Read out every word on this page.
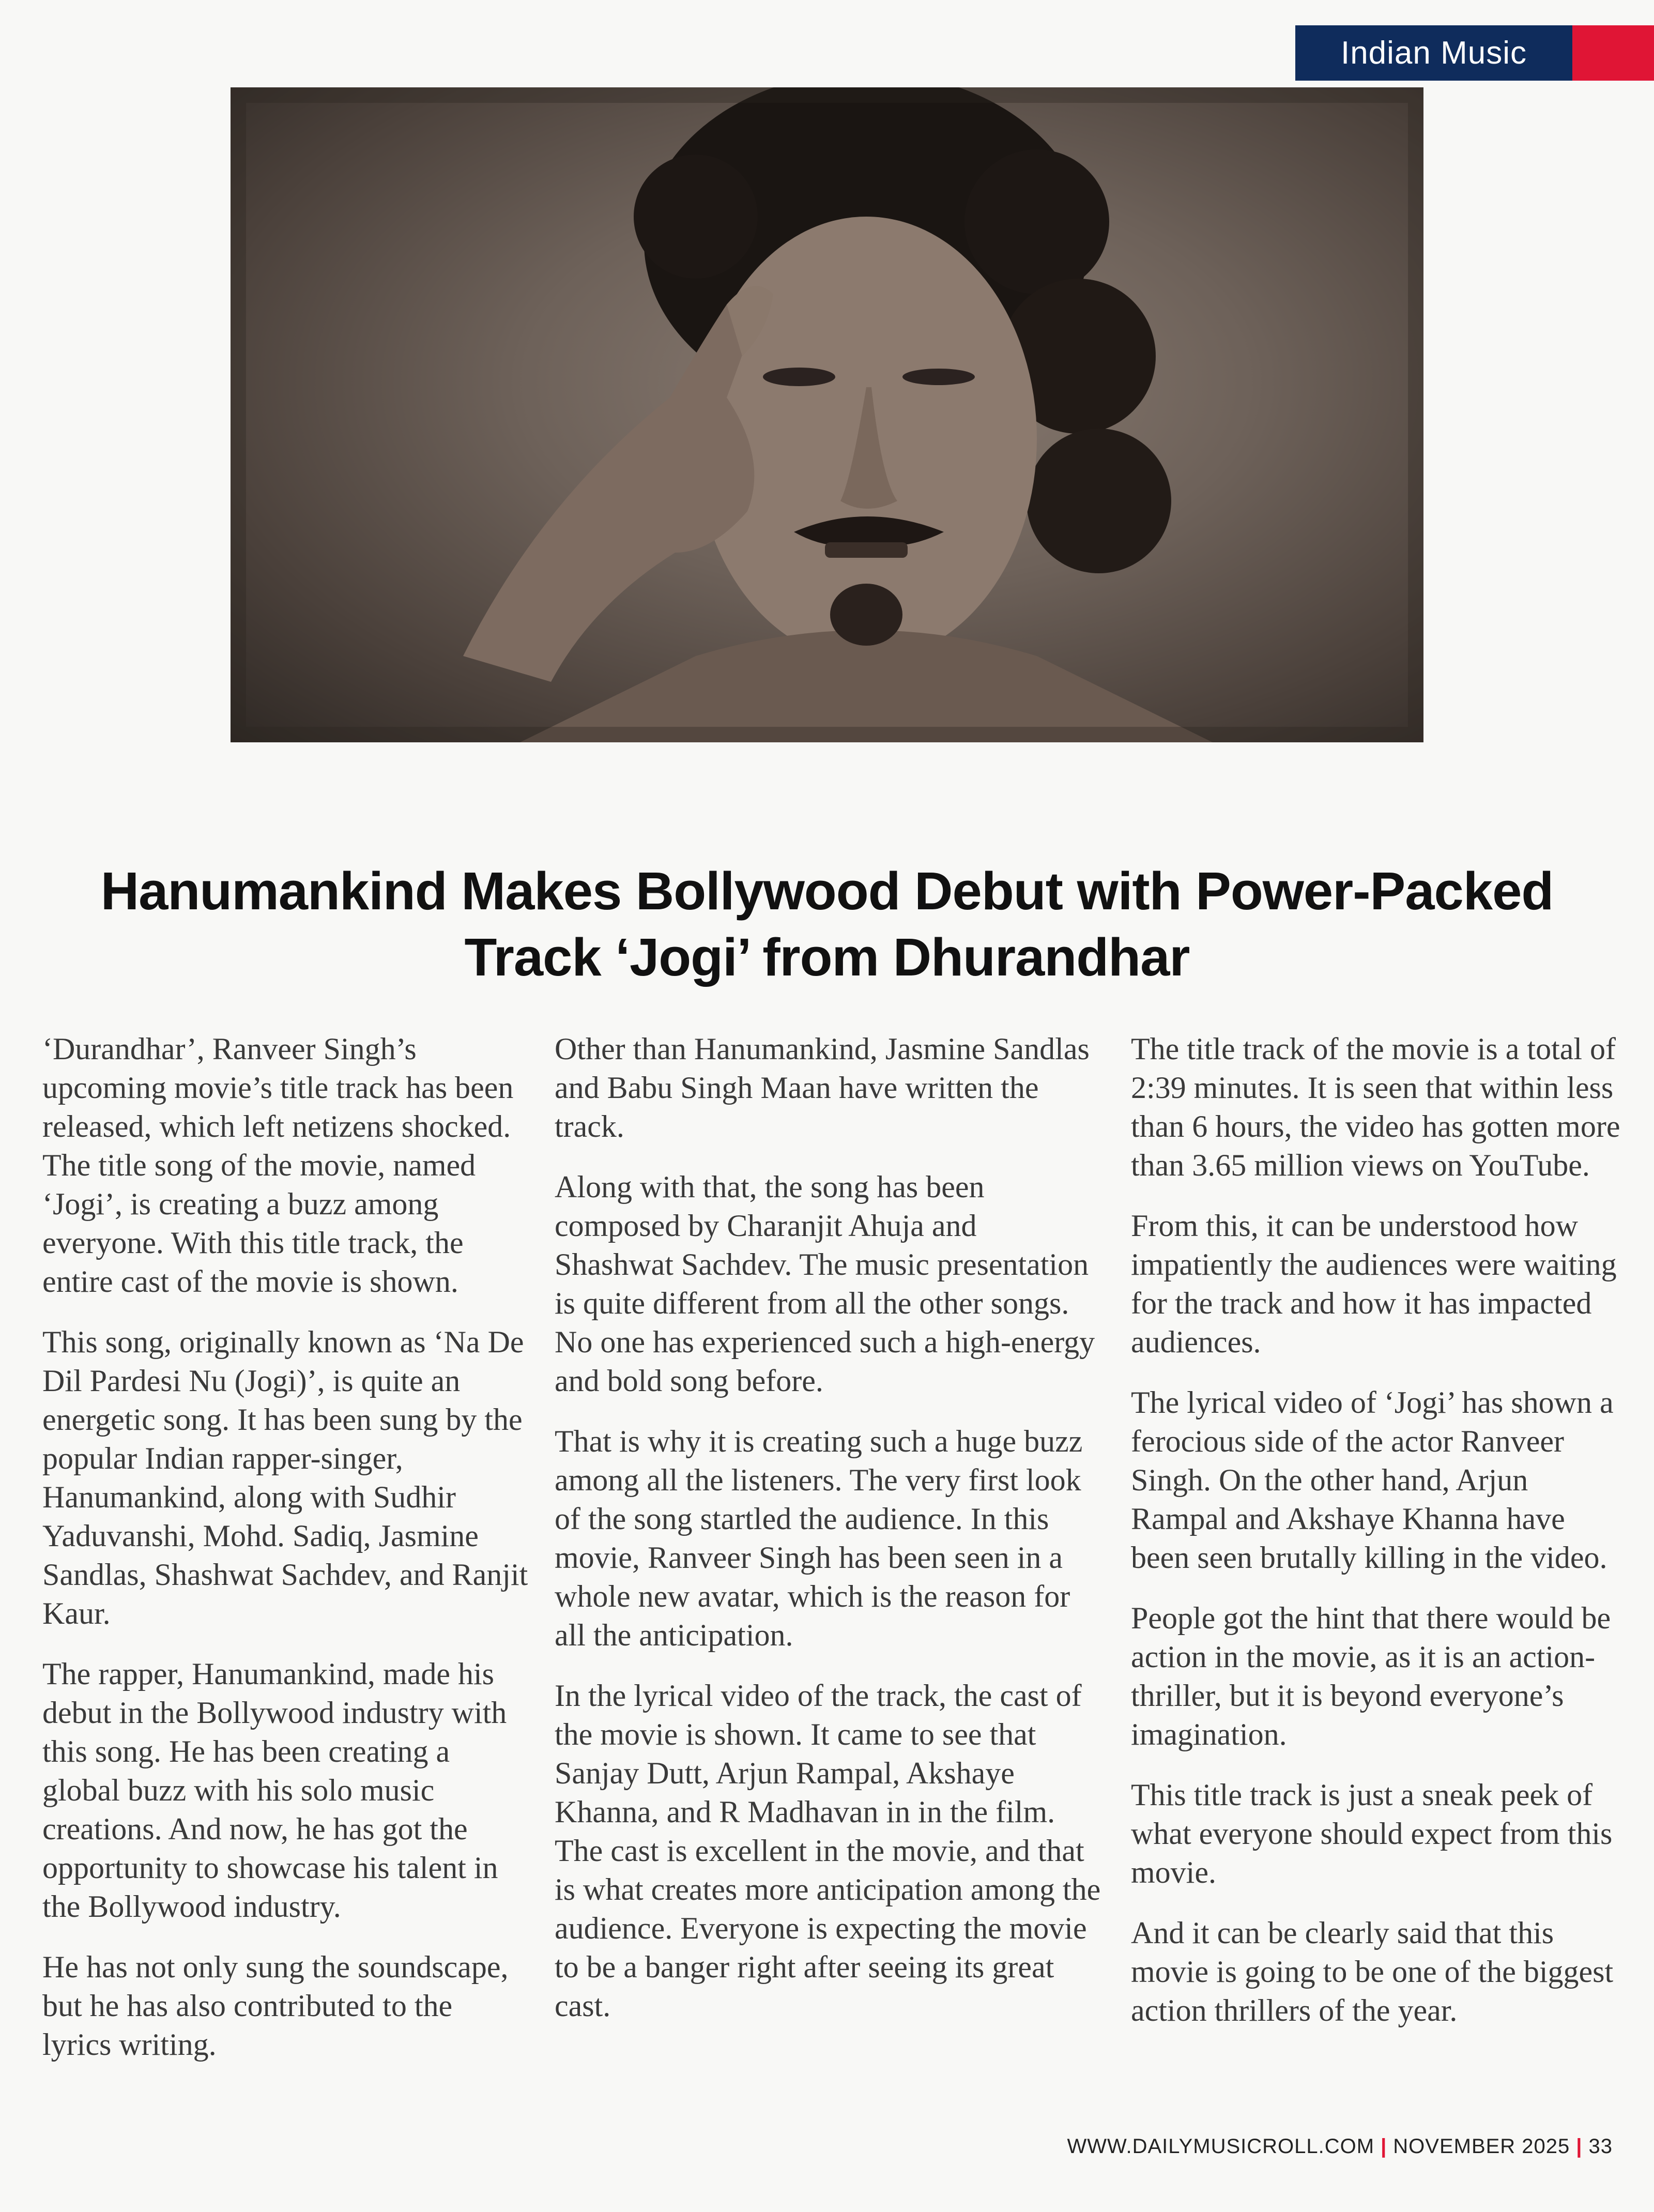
Indian Music
Hanumankind Makes Bollywood Debut with Power-Packed
Track ‘Jogi’ from Dhurandhar

‘Durandhar’, Ranveer Singh’s upcoming movie’s title track has been released, which left netizens shocked. The title song of the movie, named ‘Jogi’, is creating a buzz among everyone. With this title track, the entire cast of the movie is shown.

This song, originally known as ‘Na De Dil Pardesi Nu (Jogi)’, is quite an energetic song. It has been sung by the popular Indian rapper-singer, Hanumankind, along with Sudhir Yaduvanshi, Mohd. Sadiq, Jasmine Sandlas, Shashwat Sachdev, and Ranjit Kaur.

The rapper, Hanumankind, made his debut in the Bollywood industry with this song. He has been creating a global buzz with his solo music creations. And now, he has got the opportunity to showcase his talent in the Bollywood industry.

He has not only sung the soundscape, but he has also contributed to the lyrics writing.

Other than Hanumankind, Jasmine Sandlas and Babu Singh Maan have written the track.

Along with that, the song has been composed by Charanjit Ahuja and Shashwat Sachdev. The music presentation is quite different from all the other songs. No one has experienced such a high-energy and bold song before.

That is why it is creating such a huge buzz among all the listeners. The very first look of the song startled the audience. In this movie, Ranveer Singh has been seen in a whole new avatar, which is the reason for all the anticipation.

In the lyrical video of the track, the cast of the movie is shown. It came to see that Sanjay Dutt, Arjun Rampal, Akshaye Khanna, and R Madhavan in in the film. The cast is excellent in the movie, and that is what creates more anticipation among the audience. Everyone is expecting the movie to be a banger right after seeing its great cast.

The title track of the movie is a total of 2:39 minutes. It is seen that within less than 6 hours, the video has gotten more than 3.65 million views on YouTube.

From this, it can be understood how impatiently the audiences were waiting for the track and how it has impacted audiences.

The lyrical video of ‘Jogi’ has shown a ferocious side of the actor Ranveer Singh. On the other hand, Arjun Rampal and Akshaye Khanna have been seen brutally killing in the video.

People got the hint that there would be action in the movie, as it is an action-thriller, but it is beyond everyone’s imagination.

This title track is just a sneak peek of what everyone should expect from this movie.

And it can be clearly said that this movie is going to be one of the biggest action thrillers of the year.

WWW.DAILYMUSICROLL.COM | NOVEMBER 2025 | 33
